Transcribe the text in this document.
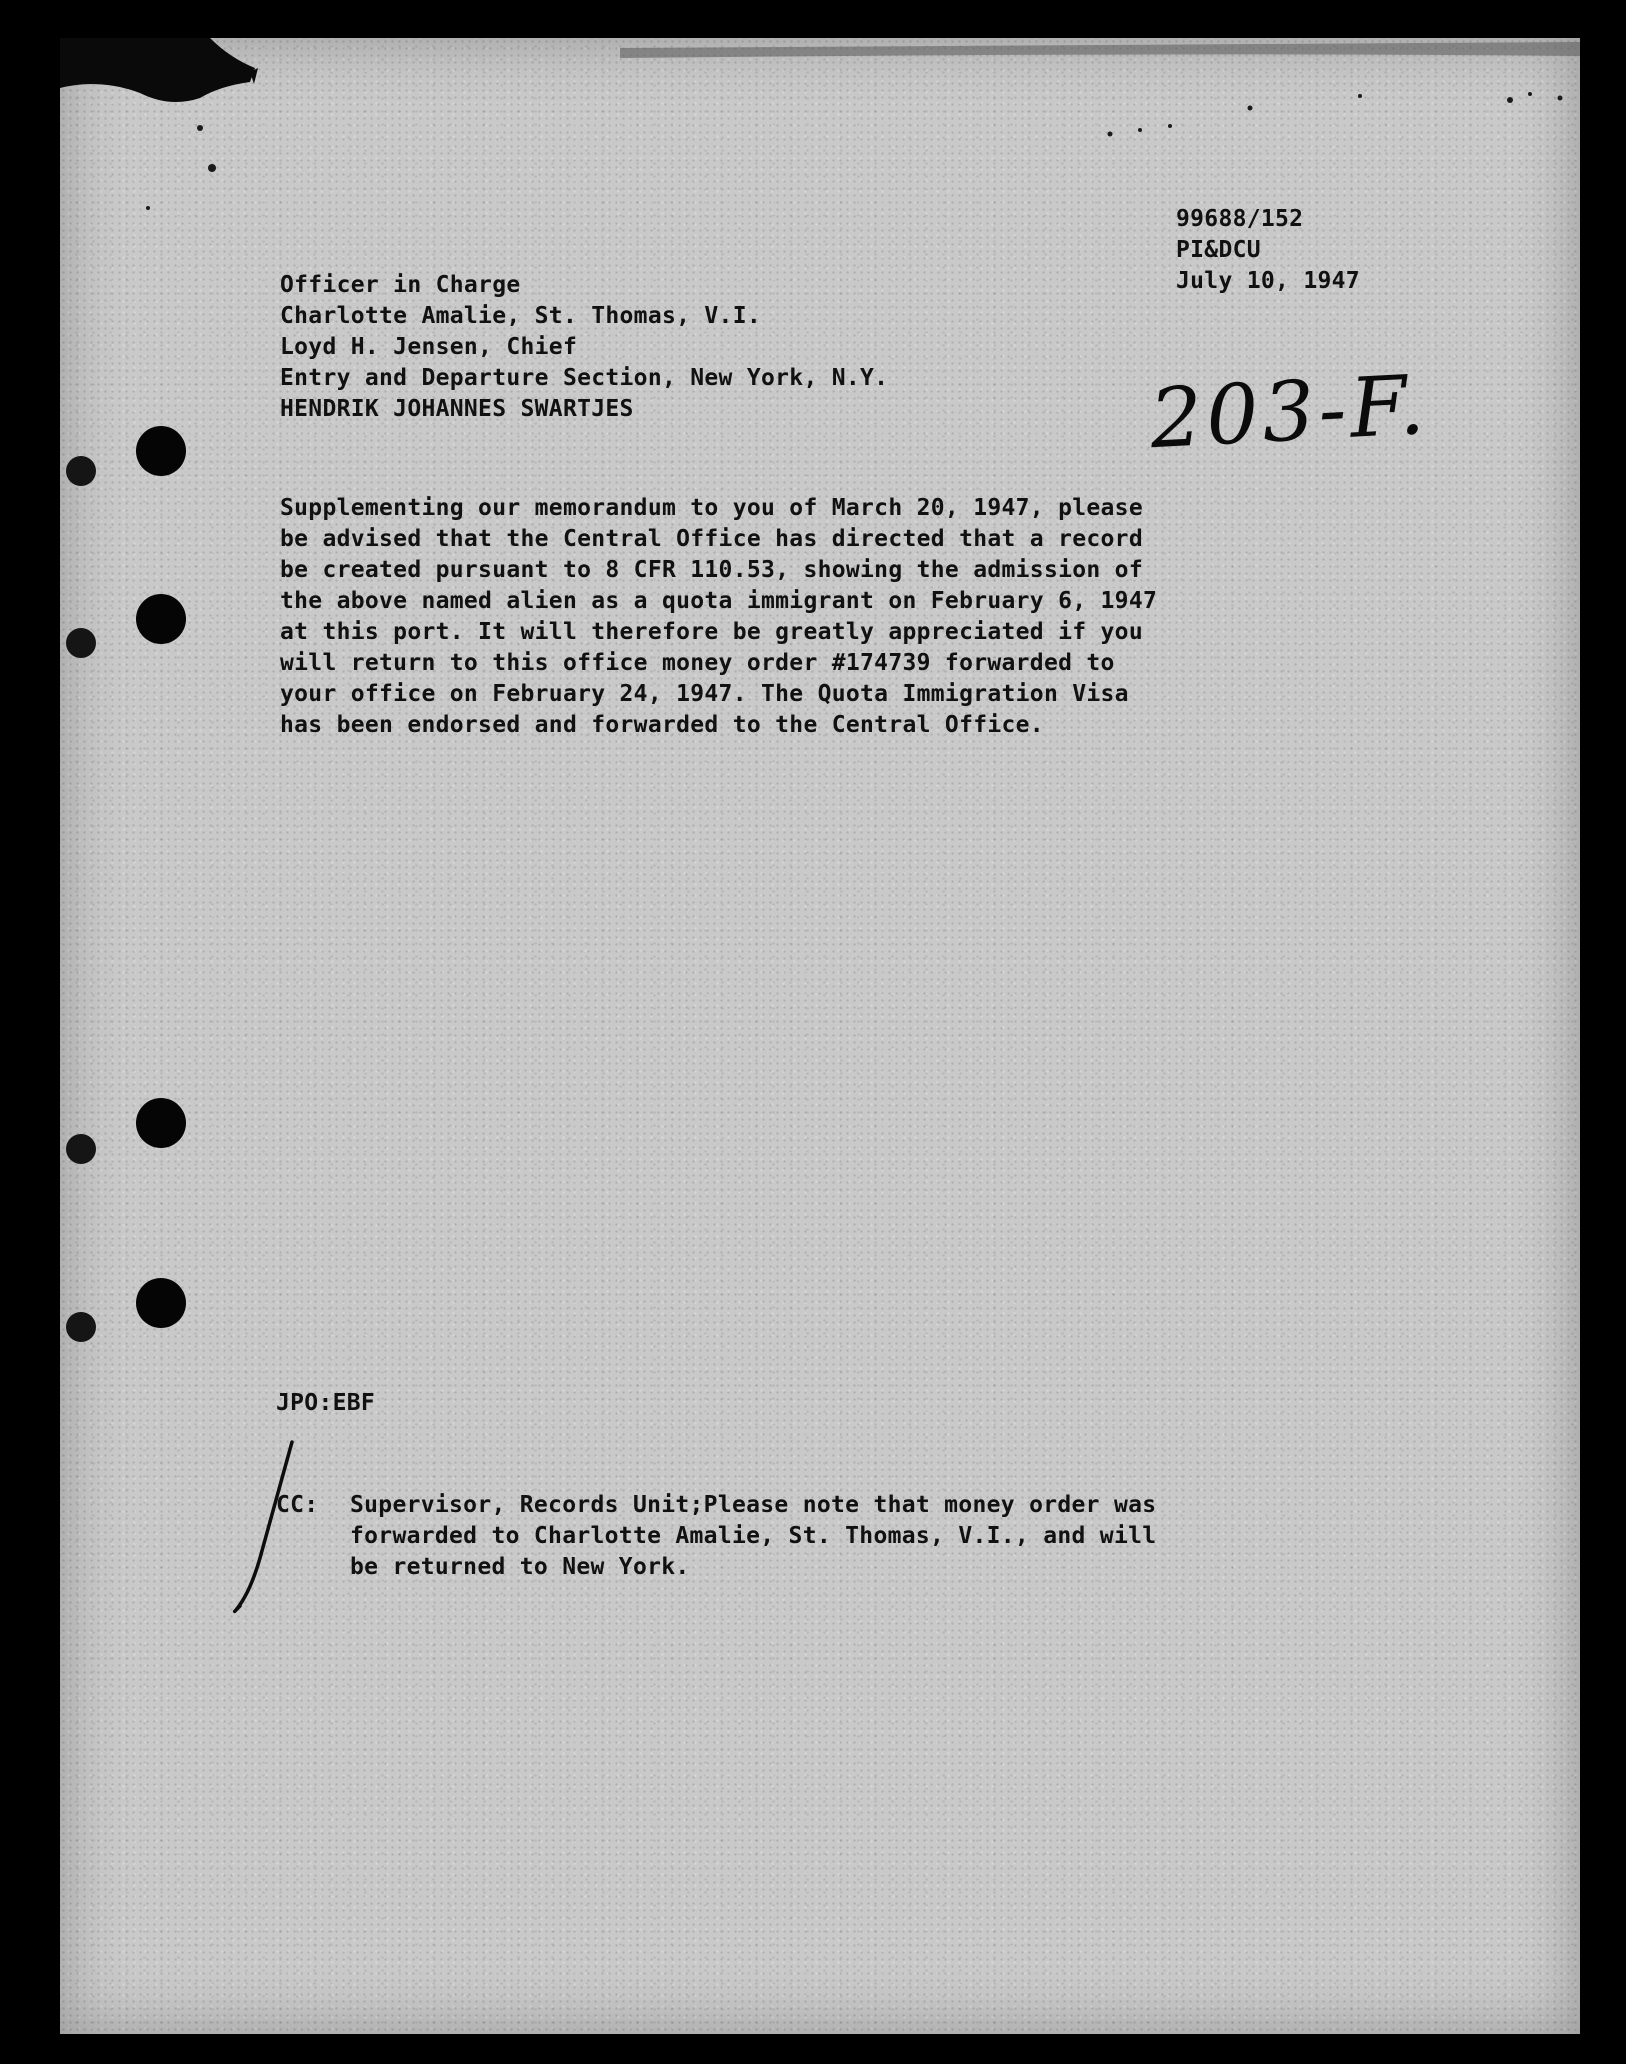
99688/152
PI&DCU
July 10, 1947
203-F.
Officer in Charge
Charlotte Amalie, St. Thomas, V.I.
Loyd H. Jensen, Chief
Entry and Departure Section, New York, N.Y.
HENDRIK JOHANNES SWARTJES
Supplementing our memorandum to you of March 20, 1947, please
be advised that the Central Office has directed that a record
be created pursuant to 8 CFR 110.53, showing the admission of
the above named alien as a quota immigrant on February 6, 1947
at this port. It will therefore be greatly appreciated if you
will return to this office money order #174739 forwarded to
your office on February 24, 1947. The Quota Immigration Visa
has been endorsed and forwarded to the Central Office.
JPO:EBF
CC: Supervisor, Records Unit;Please note that money order was
forwarded to Charlotte Amalie, St. Thomas, V.I., and will
be returned to New York.
